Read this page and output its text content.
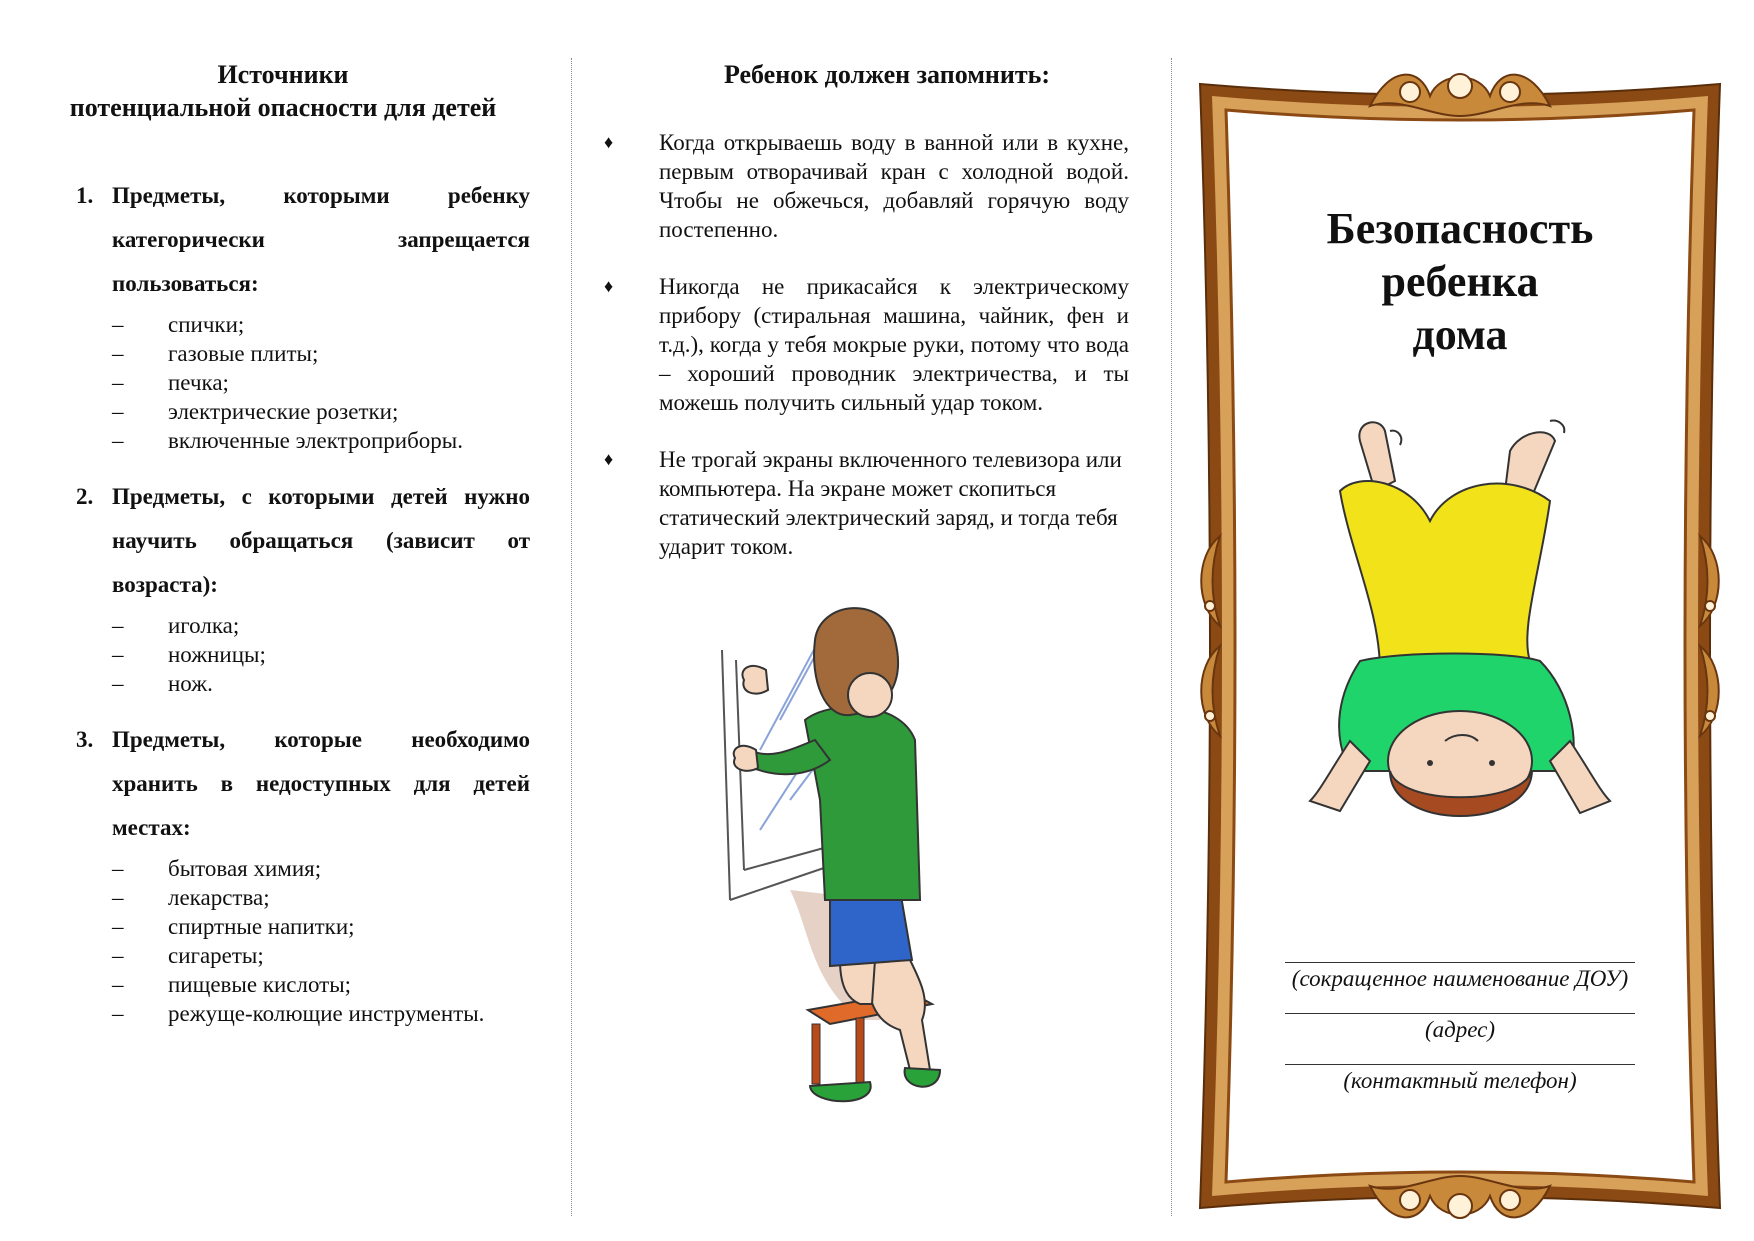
Источники
потенциальной опасности для детей
1. Предметы, которыми ребенку категорически запрещается пользоваться:
–	спички;
–	газовые плиты;
–	печка;
–	электрические розетки;
–	включенные электроприборы.
2. Предметы, с которыми детей нужно научить обращаться (зависит от возраста):
–	иголка;
–	ножницы;
–	нож.
3. Предметы, которые необходимо хранить в недоступных для детей местах:
–	бытовая химия;
–	лекарства;
–	спиртные напитки;
–	сигареты;
–	пищевые кислоты;
–	режуще-колющие инструменты.
Ребенок должен запомнить:
♦	Когда открываешь воду в ванной или в кухне, первым отворачивай кран с холодной водой. Чтобы не обжечься, добавляй горячую воду постепенно.
♦	Никогда не прикасайся к электрическому прибору (стиральная машина, чайник, фен и т.д.), когда у тебя мокрые руки, потому что вода – хороший проводник электричества, и ты можешь получить сильный удар током.
♦	Не трогай экраны включенного телевизора или компьютера. На экране может скопиться статический электрический заряд, и тогда тебя ударит током.
Безопасность
ребенка
дома
(сокращенное наименование ДОУ)
(адрес)
(контактный телефон)
